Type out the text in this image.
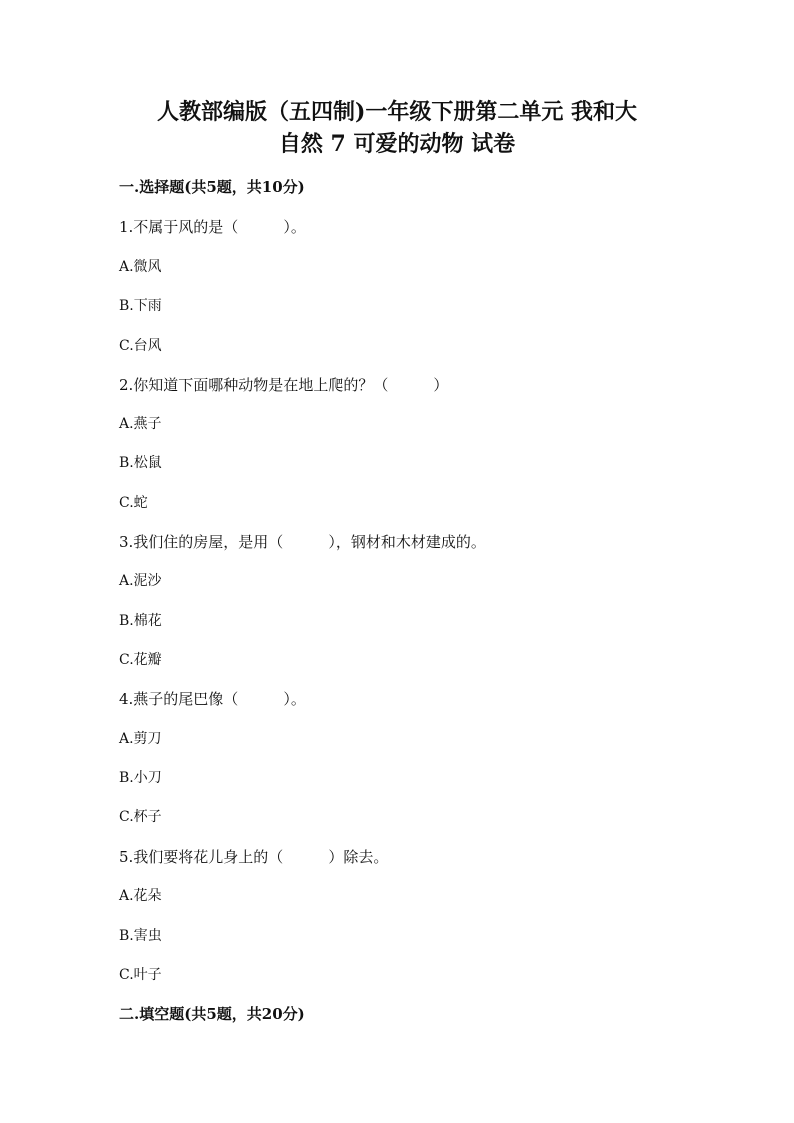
人教部编版（五四制)一年级下册第二单元 我和大
自然 7 可爱的动物 试卷
一.选择题(共5题，共10分)
1.不属于风的是（　　　）。
A.微风
B.下雨
C.台风
2.你知道下面哪种动物是在地上爬的？（　　　）
A.燕子
B.松鼠
C.蛇
3.我们住的房屋，是用（　　　），钢材和木材建成的。
A.泥沙
B.棉花
C.花瓣
4.燕子的尾巴像（　　　）。
A.剪刀
B.小刀
C.杯子
5.我们要将花儿身上的（　　　）除去。
A.花朵
B.害虫
C.叶子
二.填空题(共5题，共20分)
